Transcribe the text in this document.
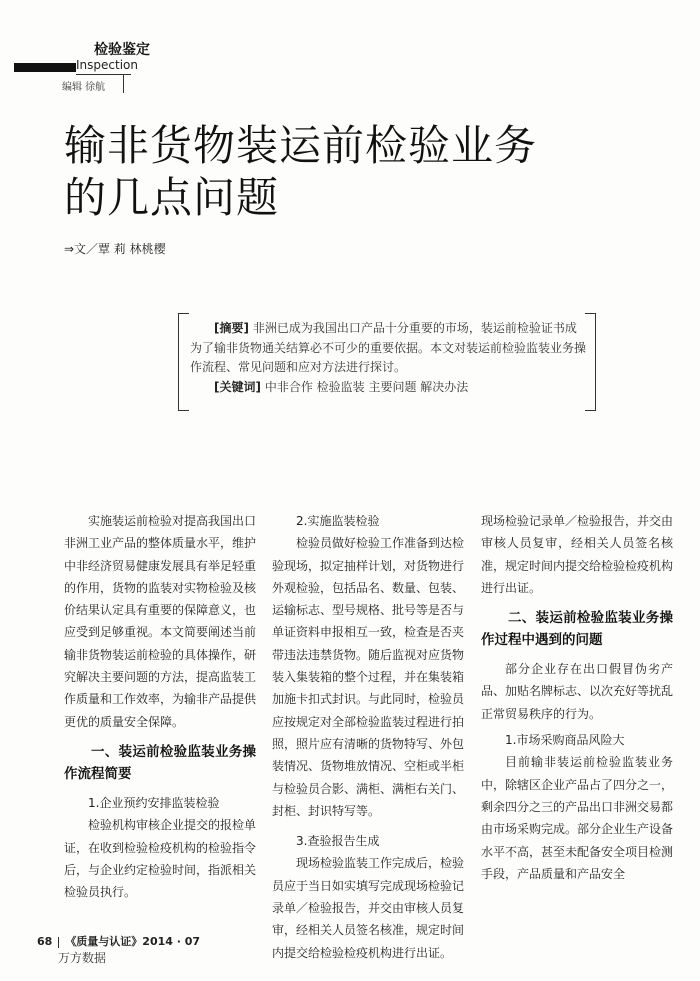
检验鉴定
Inspection
编辑 徐航
输非货物装运前检验业务
的几点问题
⇒文／覃 莉 林桃樱

[摘要] 非洲已成为我国出口产品十分重要的市场，装运前检验证书成为了输非货物通关结算必不可少的重要依据。本文对装运前检验监装业务操作流程、常见问题和应对方法进行探讨。

[关键词] 中非合作 检验监装 主要问题 解决办法

实施装运前检验对提高我国出口非洲工业产品的整体质量水平，维护中非经济贸易健康发展具有举足轻重的作用，货物的监装对实物检验及核价结果认定具有重要的保障意义，也应受到足够重视。本文简要阐述当前输非货物装运前检验的具体操作，研究解决主要问题的方法，提高监装工作质量和工作效率，为输非产品提供更优的质量安全保障。

一、装运前检验监装业务操作流程简要

1.企业预约安排监装检验

检验机构审核企业提交的报检单证，在收到检验检疫机构的检验指令后，与企业约定检验时间，指派相关检验员执行。

2.实施监装检验

检验员做好检验工作准备到达检验现场，拟定抽样计划，对货物进行外观检验，包括品名、数量、包装、运输标志、型号规格、批号等是否与单证资料申报相互一致，检查是否夹带违法违禁货物。随后监视对应货物装入集装箱的整个过程，并在集装箱加施卡扣式封识。与此同时，检验员应按规定对全部检验监装过程进行拍照，照片应有清晰的货物特写、外包装情况、货物堆放情况、空柜或半柜与检验员合影、满柜、满柜右关门、封柜、封识特写等。

3.查验报告生成

现场检验监装工作完成后，检验员应于当日如实填写完成现场检验记录单／检验报告，并交由审核人员复审，经相关人员签名核准，规定时间内提交给检验检疫机构进行出证。

现场检验记录单／检验报告，并交由审核人员复审，经相关人员签名核准，规定时间内提交给检验检疫机构进行出证。

二、装运前检验监装业务操作过程中遇到的问题

部分企业存在出口假冒伪劣产品、加贴名牌标志、以次充好等扰乱正常贸易秩序的行为。

1.市场采购商品风险大

目前输非装运前检验监装业务中，除辖区企业产品占了四分之一，剩余四分之三的产品出口非洲交易都由市场采购完成。部分企业生产设备水平不高，甚至未配备安全项目检测手段，产品质量和产品安全

68 《质量与认证》2014 · 07
万方数据
